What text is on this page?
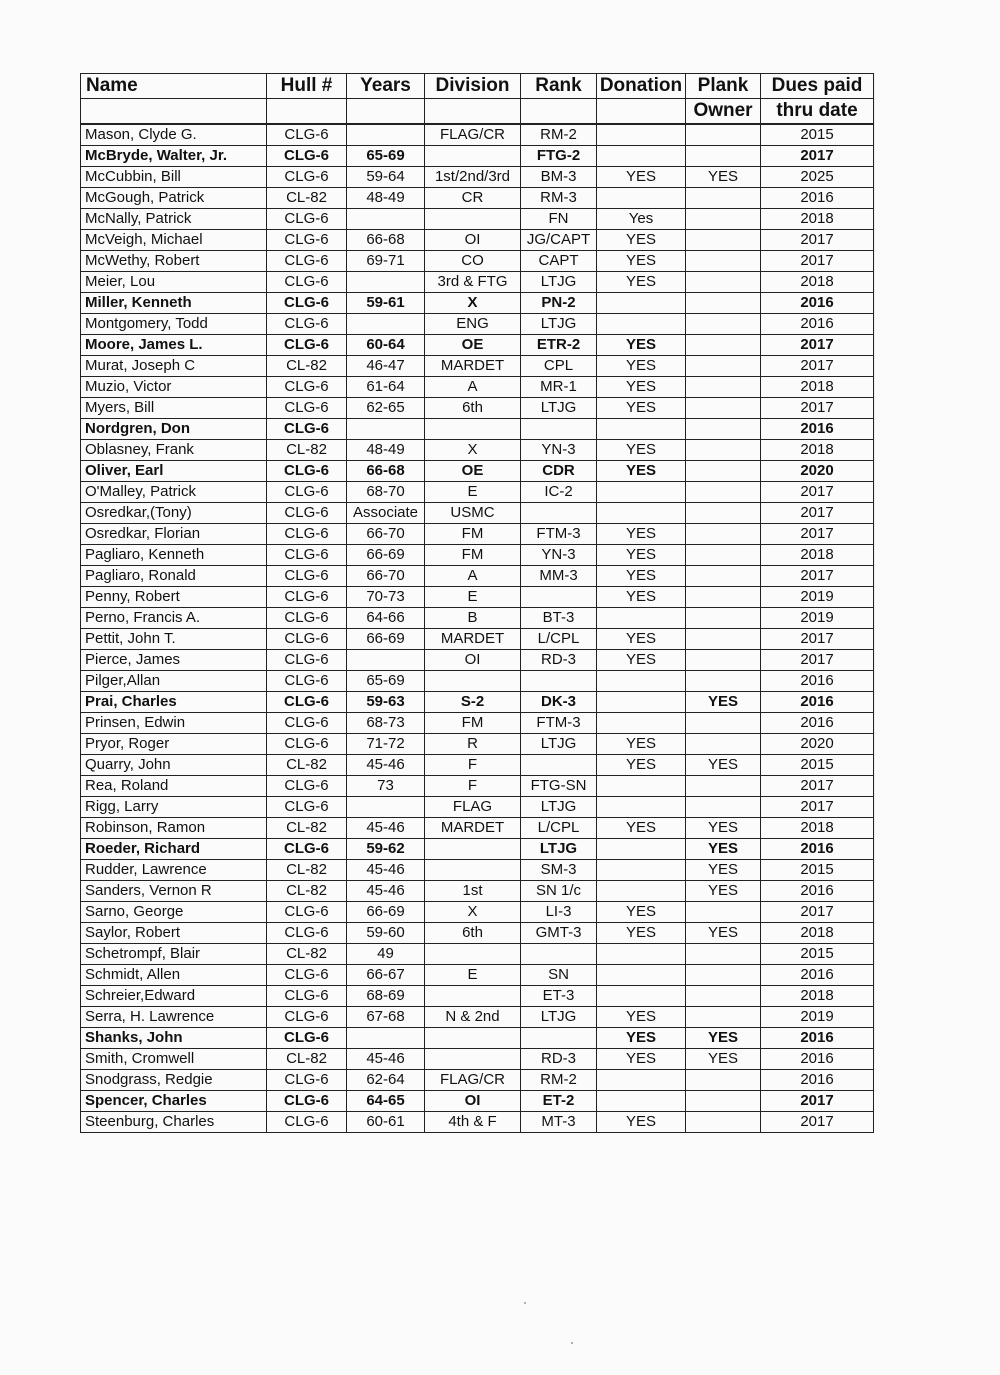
Name	Hull #	Years	Division	Rank	Donation	Plank	Dues paid
						Owner	thru date
Mason, Clyde G.	CLG-6		FLAG/CR	RM-2			2015
McBryde, Walter, Jr.	CLG-6	65-69		FTG-2			2017
McCubbin, Bill	CLG-6	59-64	1st/2nd/3rd	BM-3	YES	YES	2025
McGough, Patrick	CL-82	48-49	CR	RM-3			2016
McNally, Patrick	CLG-6			FN	Yes		2018
McVeigh, Michael	CLG-6	66-68	OI	JG/CAPT	YES		2017
McWethy, Robert	CLG-6	69-71	CO	CAPT	YES		2017
Meier, Lou	CLG-6		3rd & FTG	LTJG	YES		2018
Miller, Kenneth	CLG-6	59-61	X	PN-2			2016
Montgomery, Todd	CLG-6		ENG	LTJG			2016
Moore, James L.	CLG-6	60-64	OE	ETR-2	YES		2017
Murat, Joseph C	CL-82	46-47	MARDET	CPL	YES		2017
Muzio, Victor	CLG-6	61-64	A	MR-1	YES		2018
Myers, Bill	CLG-6	62-65	6th	LTJG	YES		2017
Nordgren, Don	CLG-6						2016
Oblasney, Frank	CL-82	48-49	X	YN-3	YES		2018
Oliver, Earl	CLG-6	66-68	OE	CDR	YES		2020
O'Malley, Patrick	CLG-6	68-70	E	IC-2			2017
Osredkar,(Tony)	CLG-6	Associate	USMC				2017
Osredkar, Florian	CLG-6	66-70	FM	FTM-3	YES		2017
Pagliaro, Kenneth	CLG-6	66-69	FM	YN-3	YES		2018
Pagliaro, Ronald	CLG-6	66-70	A	MM-3	YES		2017
Penny, Robert	CLG-6	70-73	E		YES		2019
Perno, Francis A.	CLG-6	64-66	B	BT-3			2019
Pettit, John T.	CLG-6	66-69	MARDET	L/CPL	YES		2017
Pierce, James	CLG-6		OI	RD-3	YES		2017
Pilger,Allan	CLG-6	65-69					2016
Prai, Charles	CLG-6	59-63	S-2	DK-3		YES	2016
Prinsen, Edwin	CLG-6	68-73	FM	FTM-3			2016
Pryor, Roger	CLG-6	71-72	R	LTJG	YES		2020
Quarry, John	CL-82	45-46	F		YES	YES	2015
Rea, Roland	CLG-6	73	F	FTG-SN			2017
Rigg, Larry	CLG-6		FLAG	LTJG			2017
Robinson, Ramon	CL-82	45-46	MARDET	L/CPL	YES	YES	2018
Roeder, Richard	CLG-6	59-62		LTJG		YES	2016
Rudder, Lawrence	CL-82	45-46		SM-3		YES	2015
Sanders, Vernon R	CL-82	45-46	1st	SN 1/c		YES	2016
Sarno, George	CLG-6	66-69	X	LI-3	YES		2017
Saylor, Robert	CLG-6	59-60	6th	GMT-3	YES	YES	2018
Schetrompf, Blair	CL-82	49					2015
Schmidt, Allen	CLG-6	66-67	E	SN			2016
Schreier,Edward	CLG-6	68-69		ET-3			2018
Serra, H. Lawrence	CLG-6	67-68	N & 2nd	LTJG	YES		2019
Shanks, John	CLG-6				YES	YES	2016
Smith, Cromwell	CL-82	45-46		RD-3	YES	YES	2016
Snodgrass, Redgie	CLG-6	62-64	FLAG/CR	RM-2			2016
Spencer, Charles	CLG-6	64-65	OI	ET-2			2017
Steenburg, Charles	CLG-6	60-61	4th & F	MT-3	YES		2017
